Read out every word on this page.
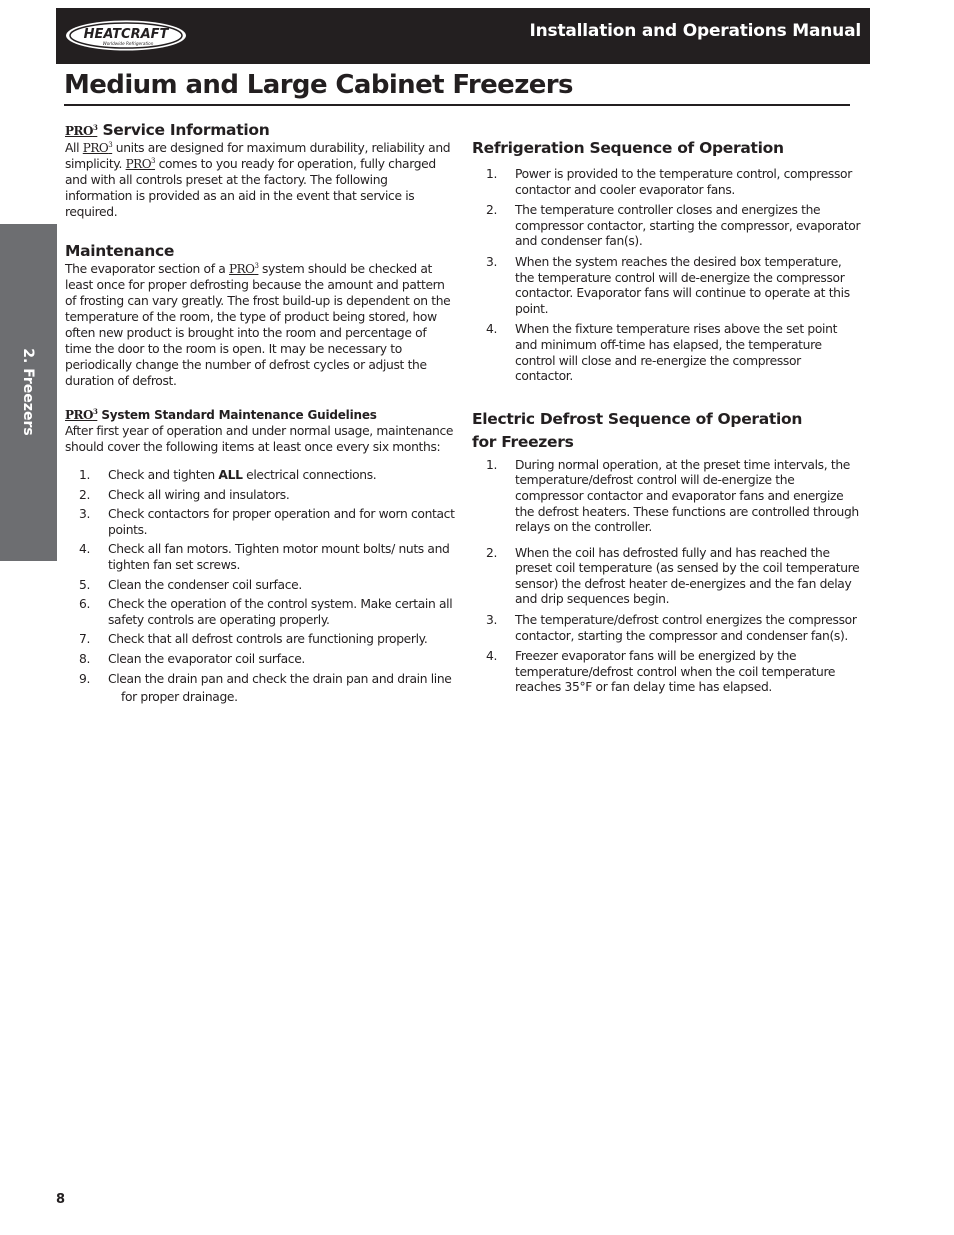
HEATCRAFT
Worldwide Refrigeration
Installation and Operations Manual
Medium and Large Cabinet Freezers
2. Freezers
PRO$^3$ Service Information

All PRO$^3$ units are designed for maximum durability, reliability and simplicity. PRO$^3$ comes to you ready for operation, fully charged and with all controls preset at the factory. The following information is provided as an aid in the event that service is required.

Maintenance

The evaporator section of a PRO$^3$ system should be checked at least once for proper defrosting because the amount and pattern of frosting can vary greatly. The frost build-up is dependent on the temperature of the room, the type of product being stored, how often new product is brought into the room and percentage of time the door to the room is open. It may be necessary to periodically change the number of defrost cycles or adjust the duration of defrost.

PRO$^3$ System Standard Maintenance Guidelines

After first year of operation and under normal usage, maintenance should cover the following items at least once every six months:

1. Check and tighten ALL electrical connections.
2. Check all wiring and insulators.
3. Check contactors for proper operation and for worn contact points.
4. Check all fan motors. Tighten motor mount bolts/ nuts and tighten fan set screws.
5. Clean the condenser coil surface.
6. Check the operation of the control system. Make certain all safety controls are operating properly.
7. Check that all defrost controls are functioning properly.
8. Clean the evaporator coil surface.
9. Clean the drain pan and check the drain pan and drain line
for proper drainage.
Refrigeration Sequence of Operation
1. Power is provided to the temperature control, compressor contactor and cooler evaporator fans.
2. The temperature controller closes and energizes the compressor contactor, starting the compressor, evaporator and condenser fan(s).
3. When the system reaches the desired box temperature, the temperature control will de-energize the compressor contactor. Evaporator fans will continue to operate at this point.
4. When the fixture temperature rises above the set point and minimum off-time has elapsed, the temperature control will close and re-energize the compressor contactor.
Electric Defrost Sequence of Operation
for Freezers
1. During normal operation, at the preset time intervals, the temperature/defrost control will de-energize the compressor contactor and evaporator fans and energize the defrost heaters. These functions are controlled through relays on the controller.
2. When the coil has defrosted fully and has reached the preset coil temperature (as sensed by the coil temperature sensor) the defrost heater de-energizes and the fan delay and drip sequences begin.
3. The temperature/defrost control energizes the compressor contactor, starting the compressor and condenser fan(s).
4. Freezer evaporator fans will be energized by the temperature/defrost control when the coil temperature reaches 35°F or fan delay time has elapsed.
8
